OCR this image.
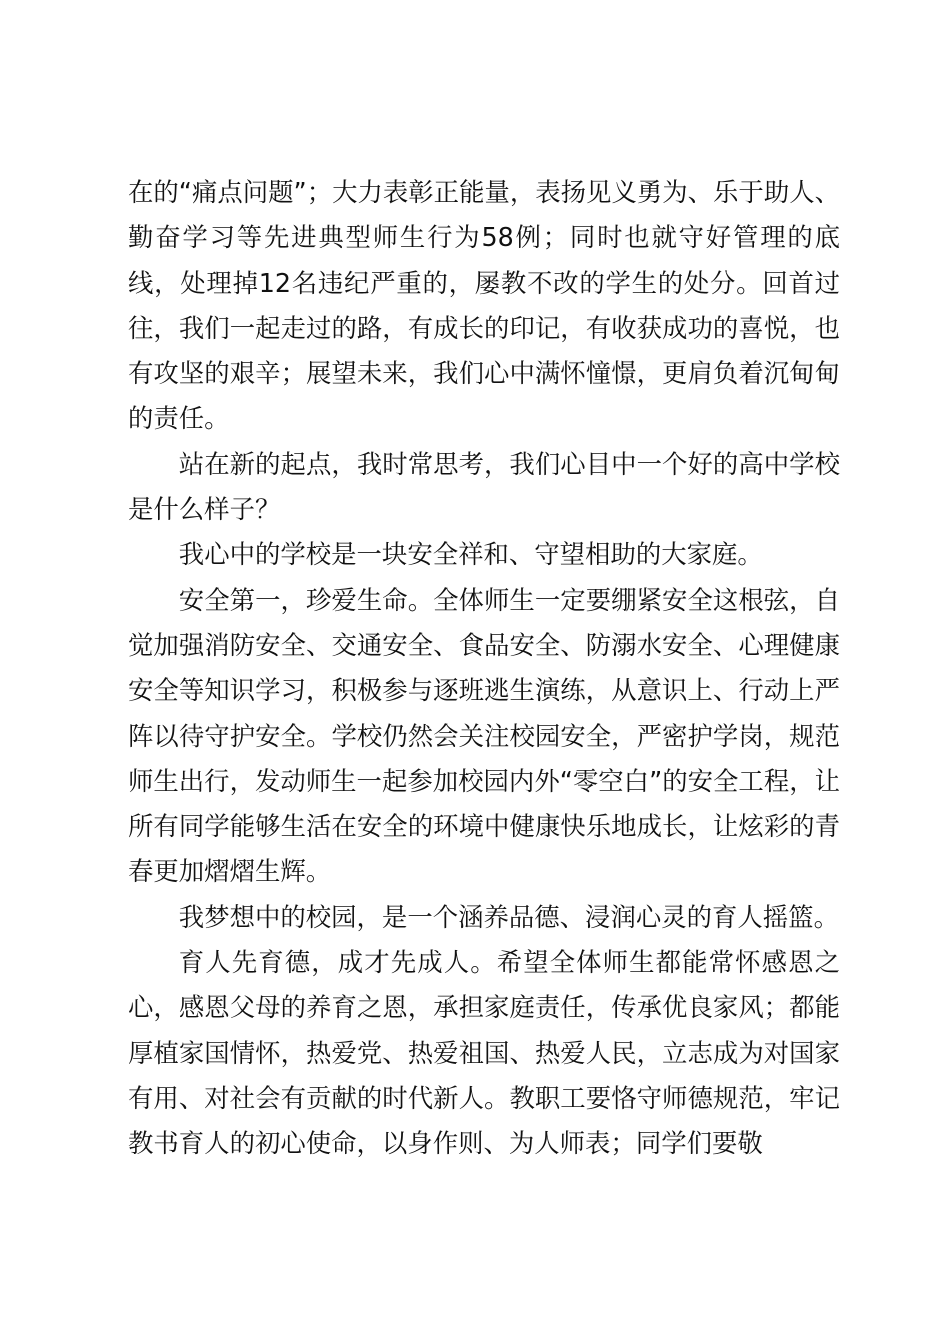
在的“痛点问题”；大力表彰正能量，表扬见义勇为、乐于助人、勤奋学习等先进典型师生行为58例；同时也就守好管理的底线，处理掉12名违纪严重的，屡教不改的学生的处分。回首过往，我们一起走过的路，有成长的印记，有收获成功的喜悦，也有攻坚的艰辛；展望未来，我们心中满怀憧憬，更肩负着沉甸甸的责任。

站在新的起点，我时常思考，我们心目中一个好的高中学校是什么样子？

我心中的学校是一块安全祥和、守望相助的大家庭。

安全第一，珍爱生命。全体师生一定要绷紧安全这根弦，自觉加强消防安全、交通安全、食品安全、防溺水安全、心理健康安全等知识学习，积极参与逐班逃生演练，从意识上、行动上严阵以待守护安全。学校仍然会关注校园安全，严密护学岗，规范师生出行，发动师生一起参加校园内外“零空白”的安全工程，让所有同学能够生活在安全的环境中健康快乐地成长，让炫彩的青春更加熠熠生辉。

我梦想中的校园，是一个涵养品德、浸润心灵的育人摇篮。

育人先育德，成才先成人。希望全体师生都能常怀感恩之心，感恩父母的养育之恩，承担家庭责任，传承优良家风；都能厚植家国情怀，热爱党、热爱祖国、热爱人民，立志成为对国家有用、对社会有贡献的时代新人。教职工要恪守师德规范，牢记教书育人的初心使命，以身作则、为人师表；同学们要敬
